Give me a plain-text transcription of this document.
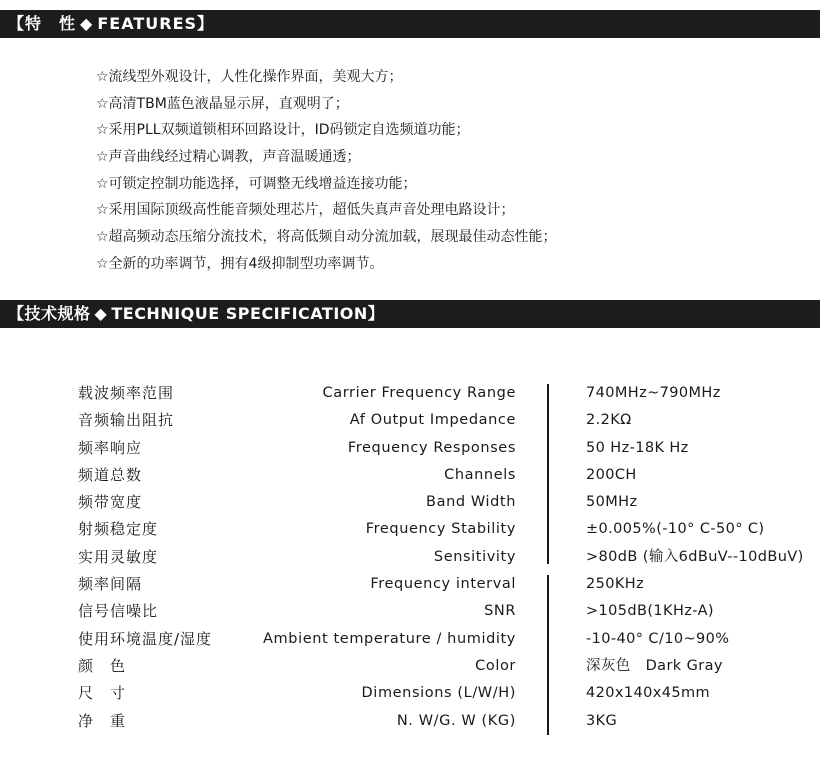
【特　性 ◆ FEATURES】
☆流线型外观设计，人性化操作界面，美观大方；
☆高清TBM蓝色液晶显示屏，直观明了；
☆采用PLL双频道锁相环回路设计，ID码锁定自选频道功能；
☆声音曲线经过精心调教，声音温暖通透；
☆可锁定控制功能选择，可调整无线增益连接功能；
☆采用国际顶级高性能音频处理芯片，超低失真声音处理电路设计；
☆超高频动态压缩分流技术，将高低频自动分流加载，展现最佳动态性能；
☆全新的功率调节，拥有4级抑制型功率调节。
【技术规格 ◆ TECHNIQUE SPECIFICATION】
载波频率范围	Carrier Frequency Range	740MHz~790MHz
音频输出阻抗	Af Output Impedance	2.2KΩ
频率响应	Frequency Responses	50 Hz-18K Hz
频道总数	Channels	200CH
频带宽度	Band Width	50MHz
射频稳定度	Frequency Stability	±0.005%(-10° C-50° C)
实用灵敏度	Sensitivity	>80dB (输入6dBuV--10dBuV)
频率间隔	Frequency interval	250KHz
信号信噪比	SNR	>105dB(1KHz-A)
使用环境温度/湿度	Ambient temperature / humidity	-10-40° C/10~90%
颜　色	Color	深灰色　Dark Gray
尺　寸	Dimensions (L/W/H)	420x140x45mm
净　重	N. W/G. W (KG)	3KG
